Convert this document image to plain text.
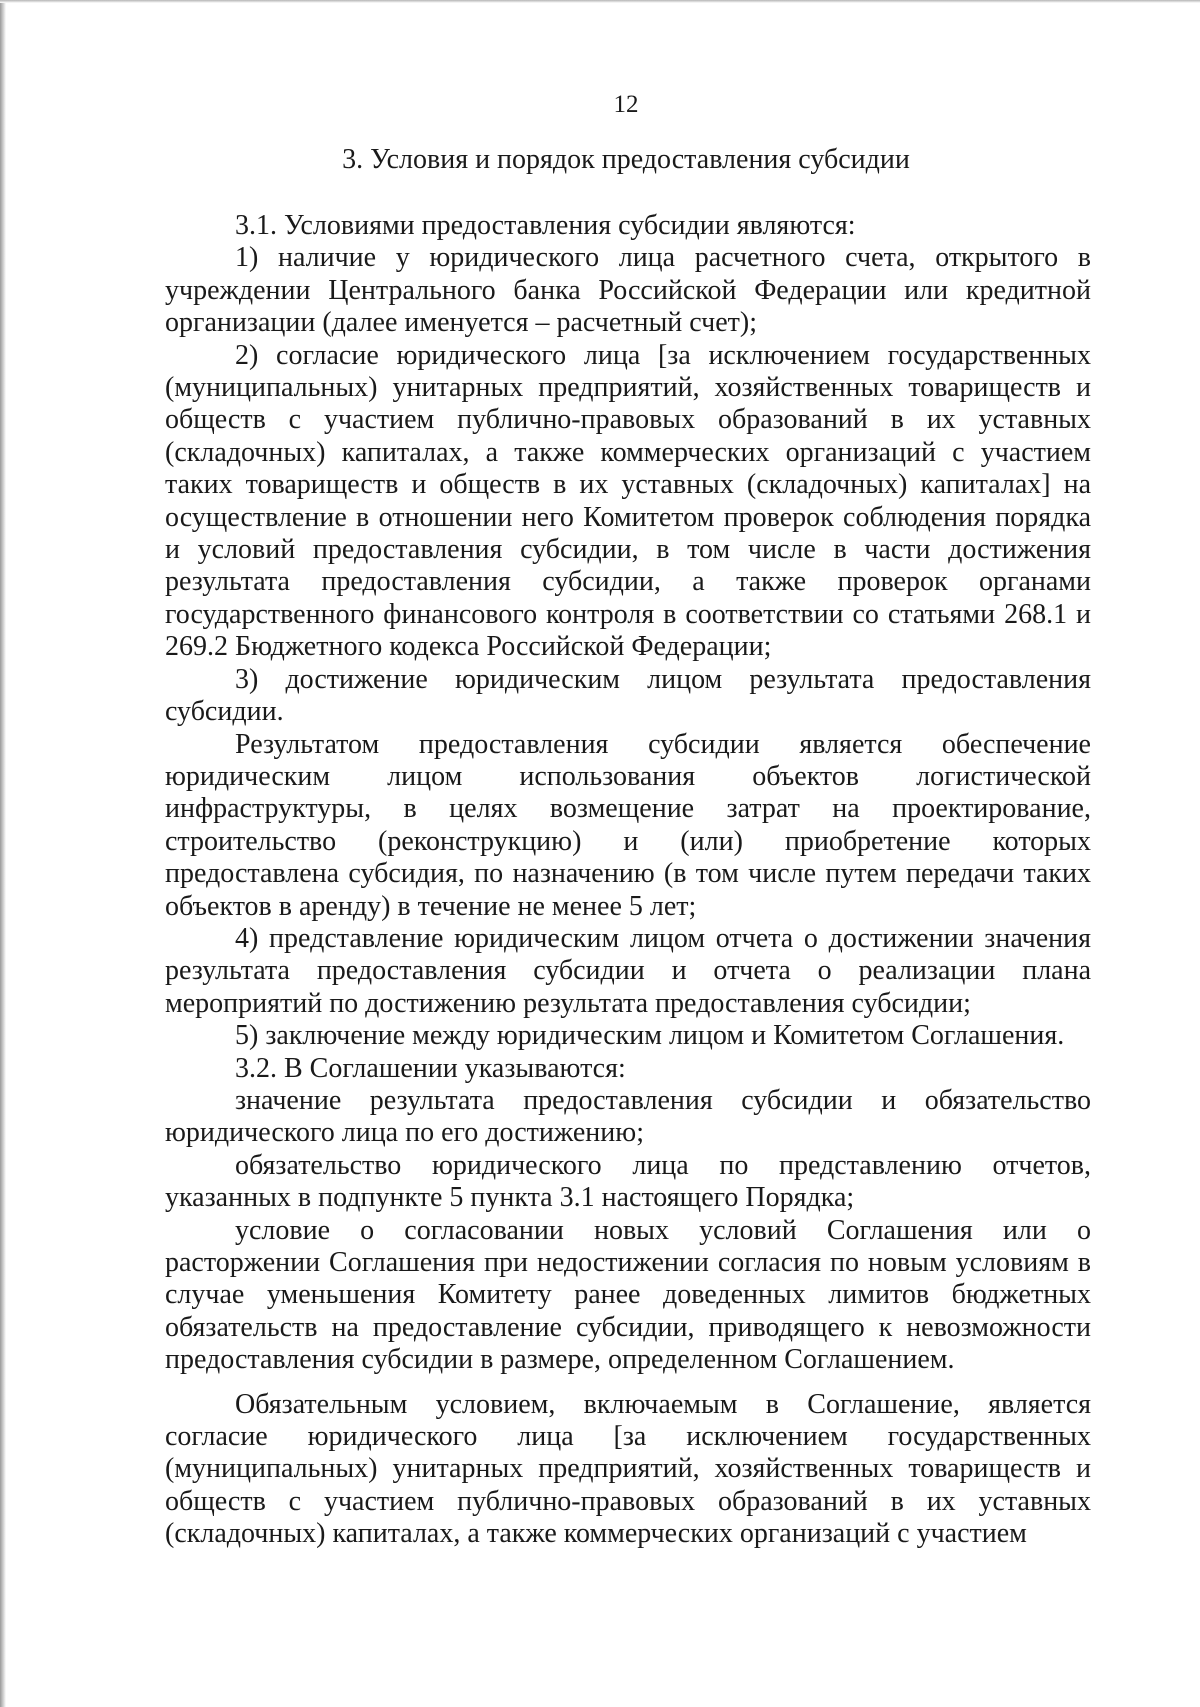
12
3. Условия и порядок предоставления субсидии

3.1. Условиями предоставления субсидии являются:

1) наличие у юридического лица расчетного счета, открытого в учреждении Центрального банка Российской Федерации или кредитной организации (далее именуется – расчетный счет);

2) согласие юридического лица [за исключением государственных (муниципальных) унитарных предприятий, хозяйственных товариществ и обществ с участием публично-правовых образований в их уставных (складочных) капиталах, а также коммерческих организаций с участием таких товариществ и обществ в их уставных (складочных) капиталах] на осуществление в отношении него Комитетом проверок соблюдения порядка и условий предоставления субсидии, в том числе в части достижения результата предоставления субсидии, а также проверок органами государственного финансового контроля в соответствии со статьями 268.1 и 269.2 Бюджетного кодекса Российской Федерации;

3) достижение юридическим лицом результата предоставления субсидии.

Результатом предоставления субсидии является обеспечение юридическим лицом использования объектов логистической инфраструктуры, в целях возмещение затрат на проектирование, строительство (реконструкцию) и (или) приобретение которых предоставлена субсидия, по назначению (в том числе путем передачи таких объектов в аренду) в течение не менее 5 лет;

4) представление юридическим лицом отчета о достижении значения результата предоставления субсидии и отчета о реализации плана мероприятий по достижению результата предоставления субсидии;

5) заключение между юридическим лицом и Комитетом Соглашения.

3.2. В Соглашении указываются:

значение результата предоставления субсидии и обязательство юридического лица по его достижению;

обязательство юридического лица по представлению отчетов, указанных в подпункте 5 пункта 3.1 настоящего Порядка;

условие о согласовании новых условий Соглашения или о расторжении Соглашения при недостижении согласия по новым условиям в случае уменьшения Комитету ранее доведенных лимитов бюджетных обязательств на предоставление субсидии, приводящего к невозможности предоставления субсидии в размере, определенном Соглашением.

Обязательным условием, включаемым в Соглашение, является согласие юридического лица [за исключением государственных (муниципальных) унитарных предприятий, хозяйственных товариществ и обществ с участием публично-правовых образований в их уставных (складочных) капиталах, а также коммерческих организаций с участием
